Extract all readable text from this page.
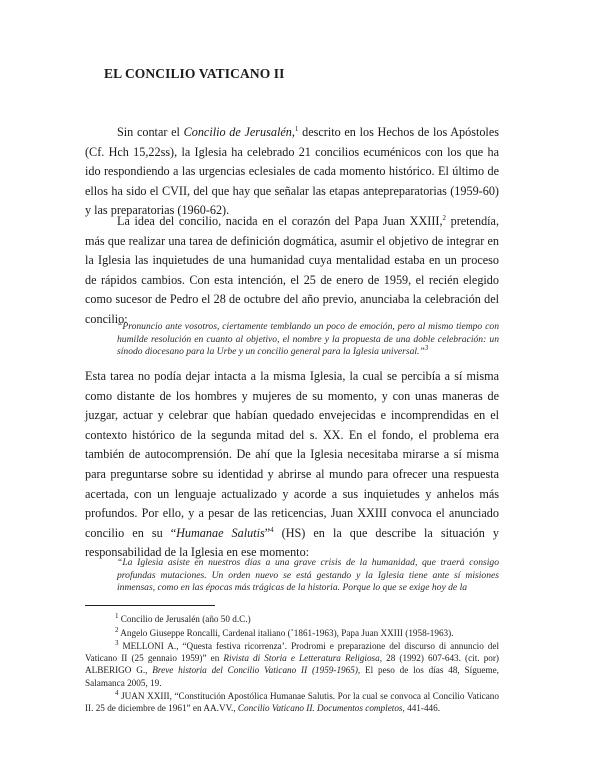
EL CONCILIO VATICANO II

Sin contar el Concilio de Jerusalén,$^1$ descrito en los Hechos de los Apóstoles (Cf. Hch 15,22ss), la Iglesia ha celebrado 21 concilios ecuménicos con los que ha ido respondiendo a las urgencias eclesiales de cada momento histórico. El último de ellos ha sido el CVII, del que hay que señalar las etapas antepreparatorias (1959-60) y las preparatorias (1960-62).

La idea del concilio, nacida en el corazón del Papa Juan XXIII,$^2$ pretendía, más que realizar una tarea de definición dogmática, asumir el objetivo de integrar en la Iglesia las inquietudes de una humanidad cuya mentalidad estaba en un proceso de rápidos cambios. Con esta intención, el 25 de enero de 1959, el recién elegido como sucesor de Pedro el 28 de octubre del año previo, anunciaba la celebración del concilio:

“Pronuncio ante vosotros, ciertamente temblando un poco de emoción, pero al mismo tiempo con humilde resolución en cuanto al objetivo, el nombre y la propuesta de una doble celebración: un sínodo diocesano para la Urbe y un concilio general para la Iglesia universal.”$^3$

Esta tarea no podía dejar intacta a la misma Iglesia, la cual se percibía a sí misma como distante de los hombres y mujeres de su momento, y con unas maneras de juzgar, actuar y celebrar que habían quedado envejecidas e incomprendidas en el contexto histórico de la segunda mitad del s. XX. En el fondo, el problema era también de autocomprensión. De ahí que la Iglesia necesitaba mirarse a sí misma para preguntarse sobre su identidad y abrirse al mundo para ofrecer una respuesta acertada, con un lenguaje actualizado y acorde a sus inquietudes y anhelos más profundos. Por ello, y a pesar de las reticencias, Juan XXIII convoca el anunciado concilio en su “Humanae Salutis”$^4$ (HS) en la que describe la situación y responsabilidad de la Iglesia en ese momento:

“La Iglesia asiste en nuestros días a una grave crisis de la humanidad, que traerá consigo profundas mutaciones. Un orden nuevo se está gestando y la Iglesia tiene ante sí misiones inmensas, como en las épocas más trágicas de la historia. Porque lo que se exige hoy de la

$^1$ Concilio de Jerusalén (año 50 d.C.)

$^2$ Angelo Giuseppe Roncalli, Cardenal italiano (˚1861-1963), Papa Juan XXIII (1958-1963).

$^3$ MELLONI A., “Questa festiva ricorrenza’. Prodromi e preparazione del discurso di annuncio del Vaticano II (25 gennaio 1959)” en Rivista di Storia e Letteratura Religiosa, 28 (1992) 607-643. (cit. por) ALBERIGO G., Breve historia del Concilio Vaticano II (1959-1965), El peso de los días 48, Sígueme, Salamanca 2005, 19.

$^4$ JUAN XXIII, “Constitución Apostólica Humanae Salutis. Por la cual se convoca al Concilio Vaticano II. 25 de diciembre de 1961” en AA.VV., Concilio Vaticano II. Documentos completos, 441-446.
